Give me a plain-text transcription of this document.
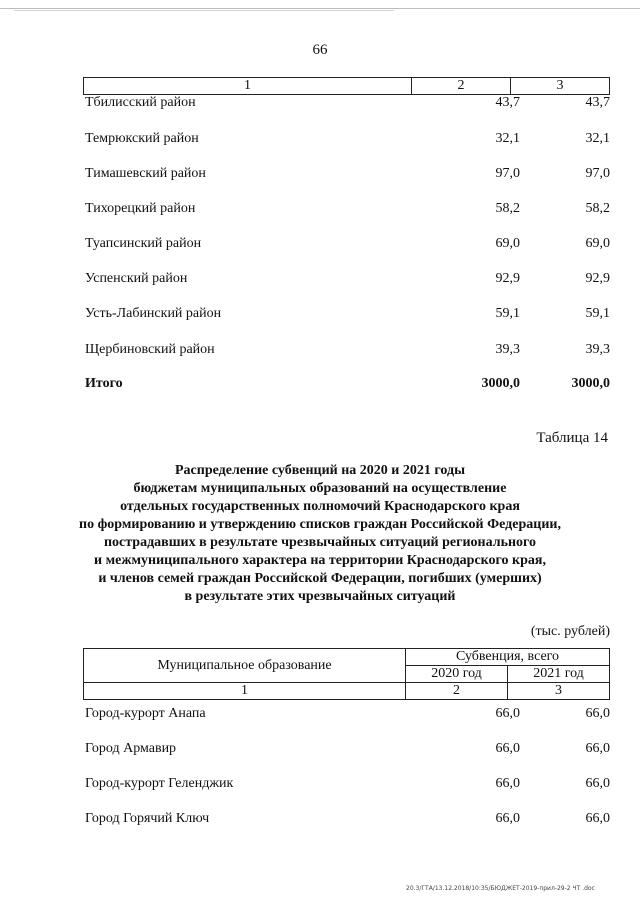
66
1	2	3
Тбилисский район	43,7	43,7
Темрюкский район	32,1	32,1
Тимашевский район	97,0	97,0
Тихорецкий район	58,2	58,2
Туапсинский район	69,0	69,0
Успенский район	92,9	92,9
Усть-Лабинский район	59,1	59,1
Щербиновский район	39,3	39,3
Итого	3000,0	3000,0
Таблица 14
Распределение субвенций на 2020 и 2021 годы
бюджетам муниципальных образований на осуществление
отдельных государственных полномочий Краснодарского края
по формированию и утверждению списков граждан Российской Федерации,
пострадавших в результате чрезвычайных ситуаций регионального
и межмуниципального характера на территории Краснодарского края,
и членов семей граждан Российской Федерации, погибших (умерших)
в результате этих чрезвычайных ситуаций
(тыс. рублей)
Муниципальное образование	Субвенция, всего	
	2020 год	2021 год
1	2	3
Город-курорт Анапа	66,0	66,0
Город Армавир	66,0	66,0
Город-курорт Геленджик	66,0	66,0
Город Горячий Ключ	66,0	66,0
20.3/ГТА/13.12.2018/10:35/БЮДЖЕТ-2019-прил-29-2 ЧТ .doc
